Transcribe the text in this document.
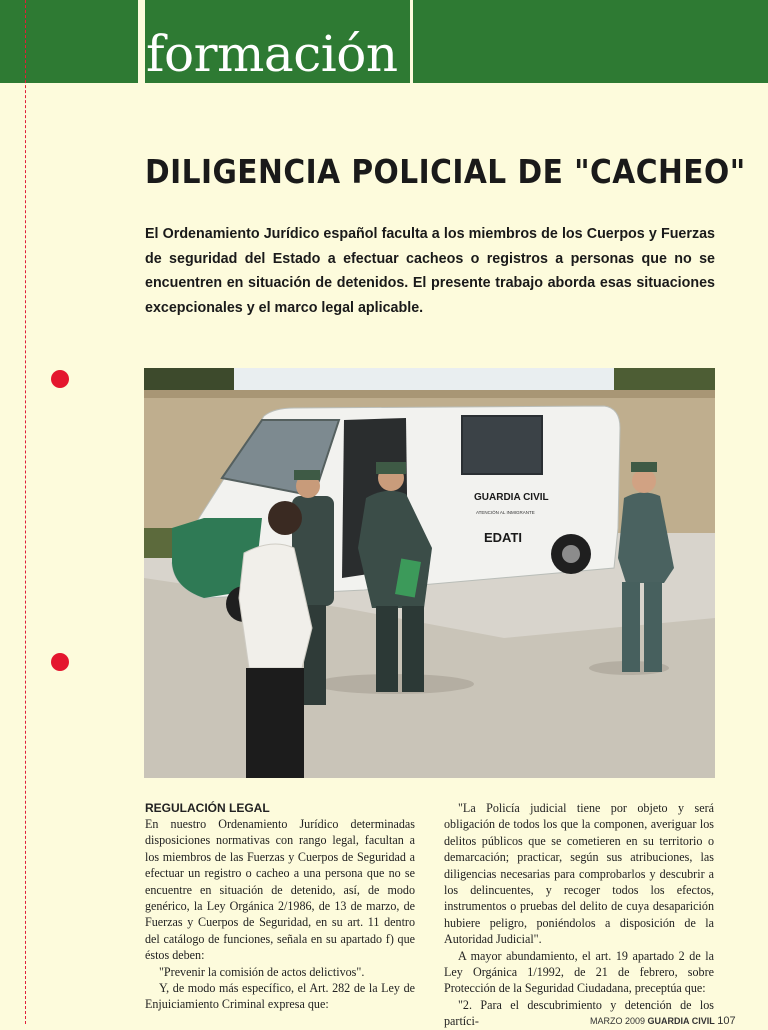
formación
DILIGENCIA POLICIAL DE "CACHEO"

El Ordenamiento Jurídico español faculta a los miembros de los Cuerpos y Fuerzas de seguridad del Estado a efectuar cacheos o registros a personas que no se encuentren en situación de detenidos. El presente trabajo aborda esas situaciones excepcionales y el marco legal aplicable.

GUARDIA CIVIL
ATENCIÓN AL INMIGRANTE
EDATI
REGULACIÓN LEGAL

En nuestro Ordenamiento Jurídico determinadas disposiciones normativas con rango legal, facultan a los miembros de las Fuerzas y Cuerpos de Seguridad a efectuar un registro o cacheo a una persona que no se encuentre en situación de detenido, así, de modo genérico, la Ley Orgánica 2/1986, de 13 de marzo, de Fuerzas y Cuerpos de Seguridad, en su art. 11 dentro del catálogo de funciones, señala en su apartado f) que éstos deben:

"Prevenir la comisión de actos delictivos".

Y, de modo más específico, el Art. 282 de la Ley de Enjuiciamiento Criminal expresa que:

"La Policía judicial tiene por objeto y será obligación de todos los que la componen, averiguar los delitos públicos que se cometieren en su territorio o demarcación; practicar, según sus atribuciones, las diligencias necesarias para comprobarlos y descubrir a los delincuentes, y recoger todos los efectos, instrumentos o pruebas del delito de cuya desaparición hubiere peligro, poniéndolos a disposición de la Autoridad Judicial".

A mayor abundamiento, el art. 19 apartado 2 de la Ley Orgánica 1/1992, de 21 de febrero, sobre Protección de la Seguridad Ciudadana, preceptúa que:

"2. Para el descubrimiento y detención de los partíci-	MARZO 2009 GUARDIA CIVIL 107
